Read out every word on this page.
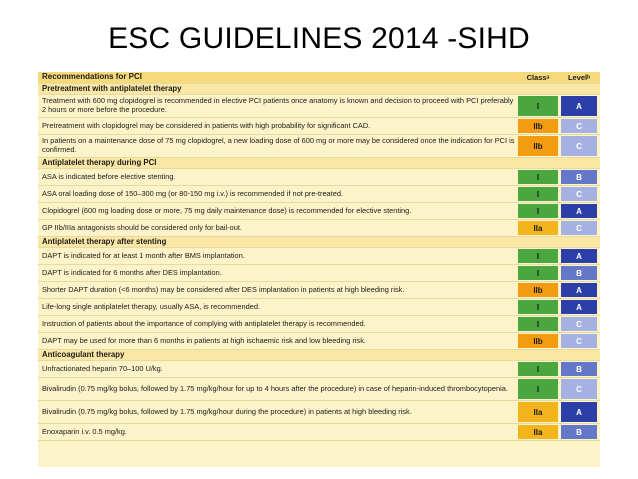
ESC GUIDELINES 2014 -SIHD
Recommendations for PCI	Classᵃ	Levelᵇ
Pretreatment with antiplatelet therapy
Treatment with 600 mg clopidogrel is recommended in elective PCI patients once anatomy is known and decision to proceed with PCI preferably 2 hours or more before the procedure.	I	A
Pretreatment with clopidogrel may be considered in patients with high probability for significant CAD.	IIb	C
In patients on a maintenance dose of 75 mg clopidogrel, a new loading dose of 600 mg or more may be considered once the indication for PCI is confirmed.	IIb	C
Antiplatelet therapy during PCI
ASA is indicated before elective stenting.	I	B
ASA oral loading dose of 150–300 mg (or 80-150 mg i.v.) is recommended if not pre-treated.	I	C
Clopidogrel (600 mg loading dose or more, 75 mg daily maintenance dose) is recommended for elective stenting.	I	A
GP IIb/IIIa antagonists should be considered only for bail-out.	IIa	C
Antiplatelet therapy after stenting
DAPT is indicated for at least 1 month after BMS implantation.	I	A
DAPT is indicated for 6 months after DES implantation.	I	B
Shorter DAPT duration (<6 months) may be considered after DES implantation in patients at high bleeding risk.	IIb	A
Life-long single antiplatelet therapy, usually ASA, is recommended.	I	A
Instruction of patients about the importance of complying with antiplatelet therapy is recommended.	I	C
DAPT may be used for more than 6 months in patients at high ischaemic risk and low bleeding risk.	IIb	C
Anticoagulant therapy
Unfractionated heparin 70–100 U/kg.	I	B
Bivalirudin (0.75 mg/kg bolus, followed by 1.75 mg/kg/hour for up to 4 hours after the procedure) in case of heparin-induced thrombocytopenia.	I	C
Bivalirudin (0.75 mg/kg bolus, followed by 1.75 mg/kg/hour during the procedure) in patients at high bleeding risk.	IIa	A
Enoxaparin i.v. 0.5 mg/kg.	IIa	B
